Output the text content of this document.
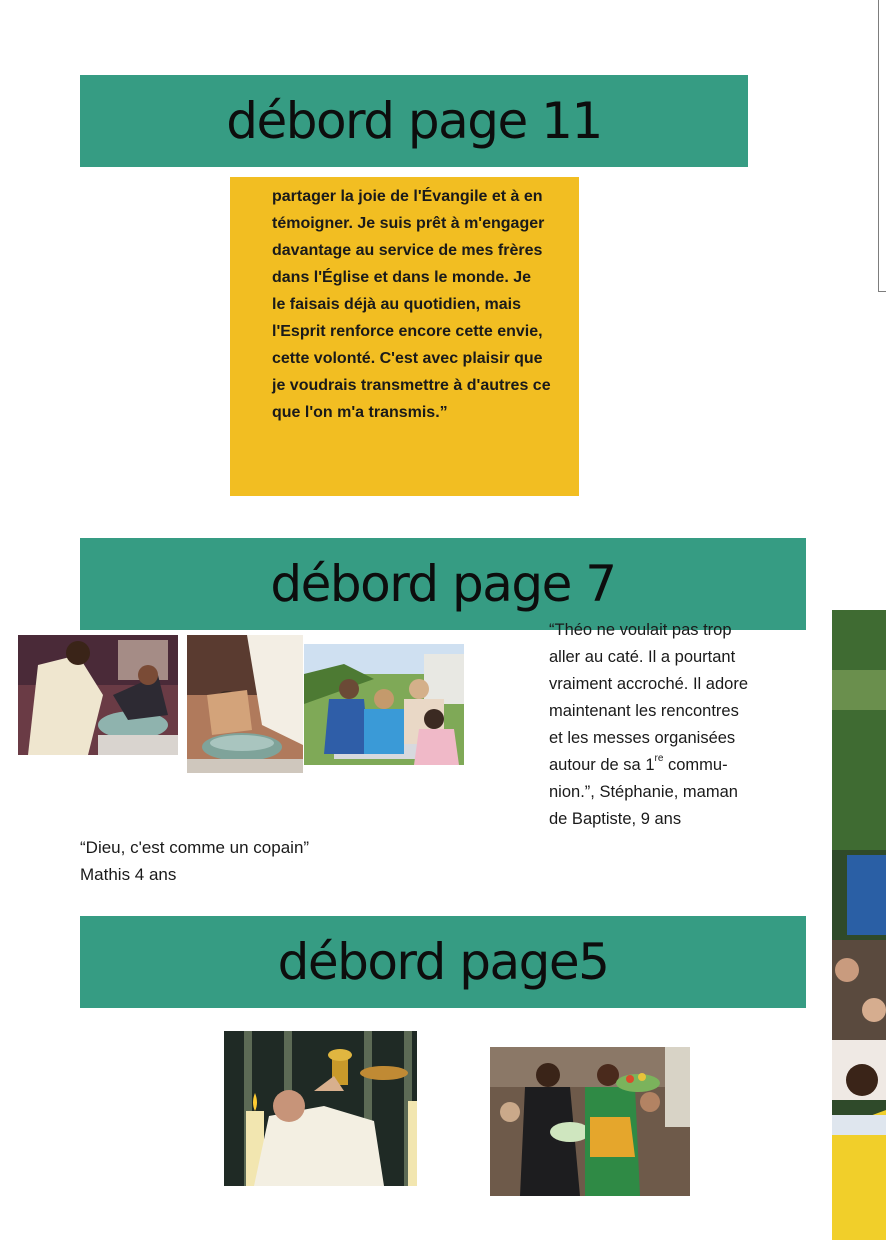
débord page 11
partager la joie de l'Évangile et à en
témoigner. Je suis prêt à m'engager
davantage au service de mes frères
dans l'Église et dans le monde. Je
le faisais déjà au quotidien, mais
l'Esprit renforce encore cette envie,
cette volonté. C'est avec plaisir que
je voudrais transmettre à d'autres ce
que l'on m'a transmis.”
débord page 7
“Théo ne voulait pas trop
aller au caté. Il a pourtant
vraiment accroché. Il adore
maintenant les rencontres
et les messes organisées
autour de sa 1re commu-
nion.”, Stéphanie, maman
de Baptiste, 9 ans
“Dieu, c'est comme un copain”
Mathis 4 ans
débord page5
